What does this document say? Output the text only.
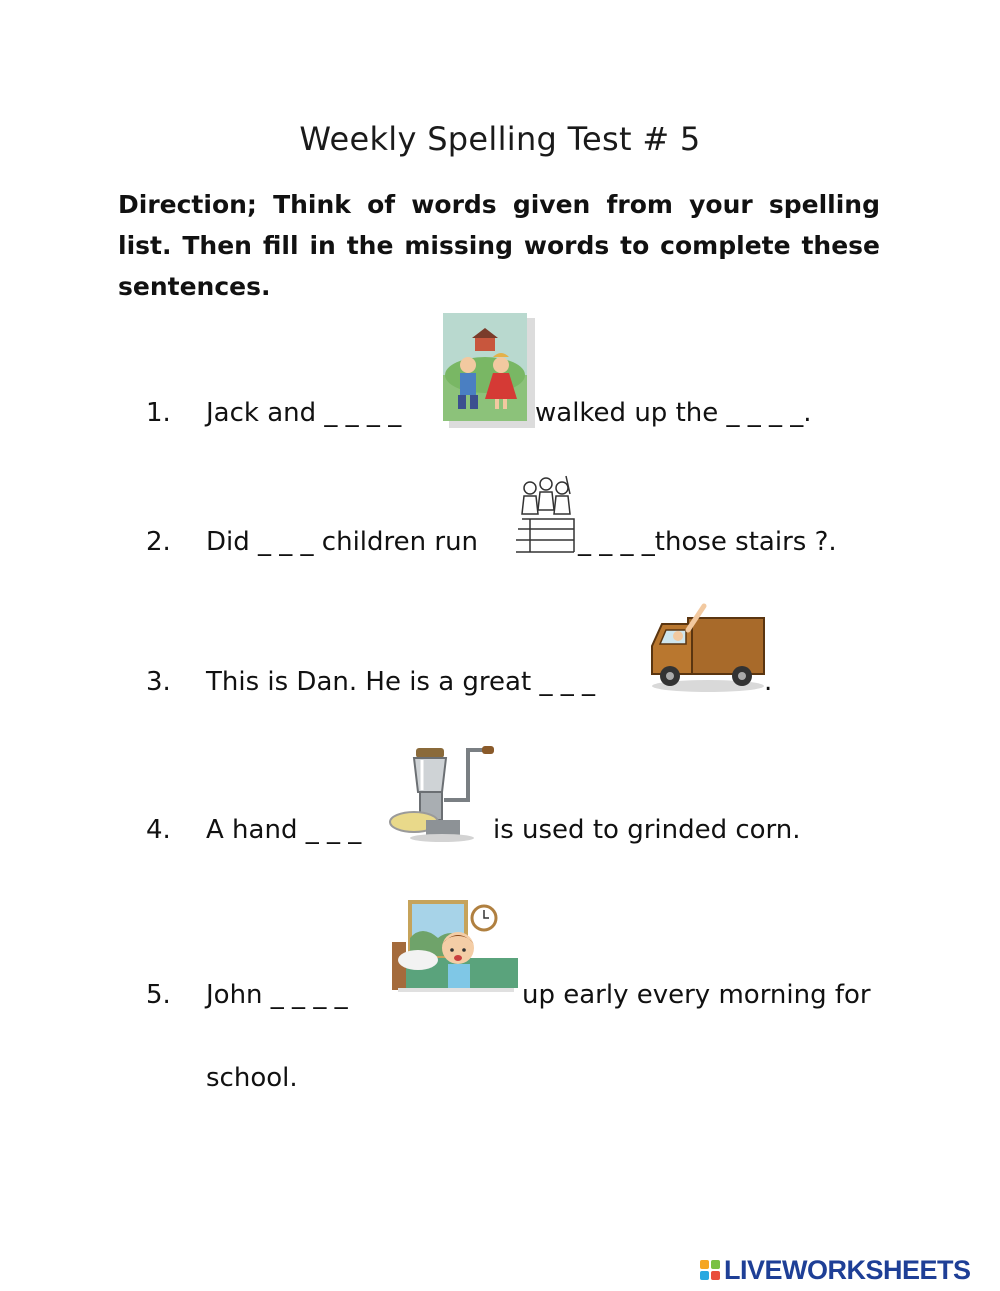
Weekly Spelling Test # 5
Direction; Think of words given from your spelling list. Then fill in the missing words to complete these sentences.
1. Jack and _ _ _ _	walked up the _ _ _ _.
2. Did _ _ _ children run	_ _ _ _those stairs ?.
3. This is Dan. He is a great _ _ _	.
4. A hand _ _ _	is used to grinded corn.
5. John _ _ _ _	up early every morning for
school.
LIVEWORKSHEETS
